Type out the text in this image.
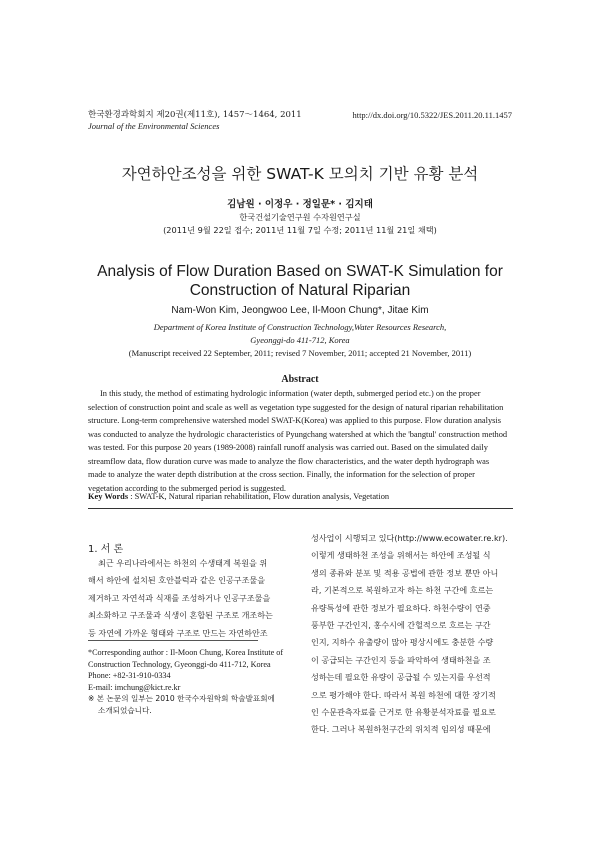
한국환경과학회지 제20권(제11호), 1457～1464, 2011
Journal of the Environmental Sciences
http://dx.doi.org/10.5322/JES.2011.20.11.1457
자연하안조성을 위한 SWAT-K 모의치 기반 유황 분석
김남원 · 이정우 · 정일문* · 김지태
한국건설기술연구원 수자원연구실
(2011년 9월 22일 접수; 2011년 11월 7일 수정; 2011년 11월 21일 채택)
Analysis of Flow Duration Based on SWAT-K Simulation for
Construction of Natural Riparian
Nam-Won Kim, Jeongwoo Lee, Il-Moon Chung*, Jitae Kim
Department of Korea Institute of Construction Technology,Water Resources Research,
Gyeonggi-do 411-712, Korea
(Manuscript received 22 September, 2011; revised 7 November, 2011; accepted 21 November, 2011)
Abstract
In this study, the method of estimating hydrologic information (water depth, submerged period etc.) on the proper
selection of construction point and scale as well as vegetation type suggested for the design of natural riparian rehabilitation
structure. Long-term comprehensive watershed model SWAT-K(Korea) was applied to this purpose. Flow duration analysis
was conducted to analyze the hydrologic characteristics of Pyungchang watershed at which the 'bangtul' construction method
was tested. For this purpose 20 years (1989-2008) rainfall runoff analysis was carried out. Based on the simulated daily
streamflow data, flow duration curve was made to analyze the flow characteristics, and the water depth hydrograph was
made to analyze the water depth distribution at the cross section. Finally, the information for the selection of proper
vegetation according to the submerged period is suggested.
Key Words : SWAT-K, Natural riparian rehabilitation, Flow duration analysis, Vegetation
1. 서 론
최근 우리나라에서는 하천의 수생태계 복원을 위
해서 하안에 설치된 호안블럭과 같은 인공구조물을
제거하고 자연석과 식재를 조성하거나 인공구조물을
최소화하고 구조물과 식생이 혼합된 구조로 개조하는
등 자연에 가까운 형태와 구조로 만드는 자연하안조
*Corresponding author : Il-Moon Chung, Korea Institute of
Construction Technology, Gyeonggi-do 411-712, Korea
Phone: +82-31-910-0334
E-mail: imchung@kict.re.kr
※ 본 논문의 일부는 2010 한국수자원학회 학술발표회에
소개되었습니다.
성사업이 시행되고 있다(http://www.ecowater.re.kr).
이렇게 생태하천 조성을 위해서는 하안에 조성될 식
생의 종류와 분포 및 적용 공법에 관한 정보 뿐만 아니
라, 기본적으로 복원하고자 하는 하천 구간에 흐르는
유량특성에 관한 정보가 필요하다. 하천수량이 연중
풍부한 구간인지, 홍수시에 간헐적으로 흐르는 구간
인지, 지하수 유출량이 많아 평상시에도 충분한 수량
이 공급되는 구간인지 등을 파악하여 생태하천을 조
성하는데 필요한 유량이 공급될 수 있는지를 우선적
으로 평가해야 한다. 따라서 복원 하천에 대한 장기적
인 수문관측자료를 근거로 한 유황분석자료를 필요로
한다. 그러나 복원하천구간의 위치적 임의성 때문에
